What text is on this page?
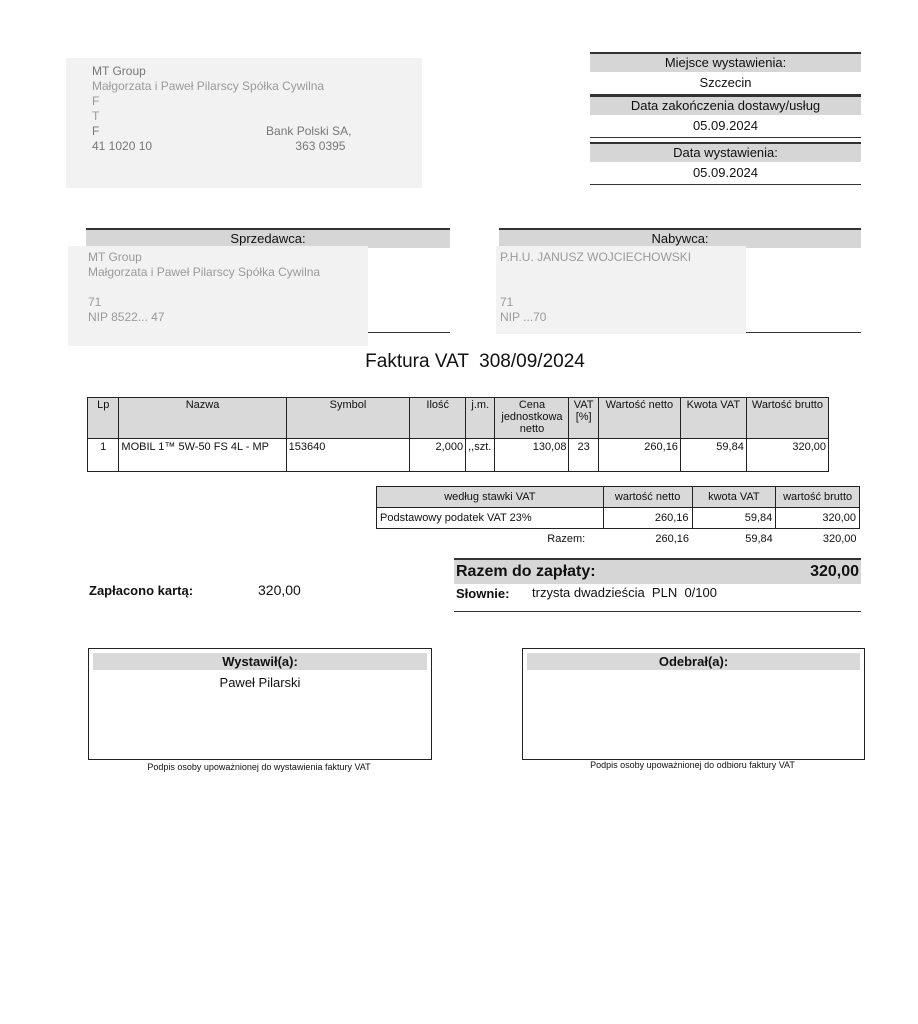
MT Group
Małgorzata i Paweł Pilarscy Spółka Cywilna
F
T
F                                                  Bank Polski SA,
41 1020 10                                           363 0395
Miejsce wystawienia:
Szczecin
Data zakończenia dostawy/usług
05.09.2024
Data wystawienia:
05.09.2024
Sprzedawca:
MT Group
Małgorzata i Paweł Pilarscy Spółka Cywilna
71
NIP 8522... 47
Nabywca:
P.H.U. JANUSZ WOJCIECHOWSKI
71
NIP ...70
Faktura VAT  308/09/2024
Lp	Nazwa	Symbol	Ilość	j.m.	Cena jednostkowa netto	VAT [%]	Wartość netto	Kwota VAT	Wartość brutto
1	MOBIL 1™ 5W-50 FS 4L - MP	153640	2,000	,,szt.	130,08	23	260,16	59,84	320,00
według stawki VAT	wartość netto	kwota VAT	wartość brutto
Podstawowy podatek VAT 23%	260,16	59,84	320,00
Razem:	260,16	59,84	320,00
Zapłacono kartą:	320,00
Razem do zapłaty:	320,00
Słownie: trzysta dwadzieścia  PLN  0/100
Wystawił(a):
Paweł Pilarski
Podpis osoby upoważnionej do wystawienia faktury VAT
Odebrał(a):
Podpis osoby upoważnionej do odbioru faktury VAT
